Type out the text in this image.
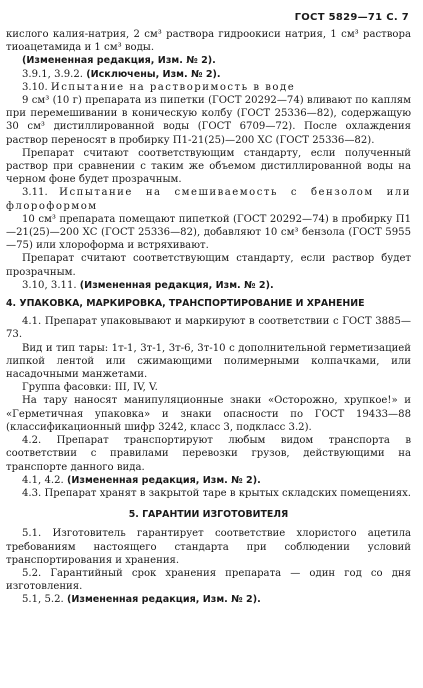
ГОСТ 5829—71 С. 7

кислого калия-натрия, 2 см³ раствора гидроокиси натрия, 1 см³ раствора тиоацетамида и 1 см³ воды.

(Измененная редакция, Изм. № 2).

3.9.1, 3.9.2. (Исключены, Изм. № 2).

3.10. Испытание на растворимость в воде

9 см³ (10 г) препарата из пипетки (ГОСТ 20292—74) вливают по каплям при перемешивании в коническую колбу (ГОСТ 25336—82), содержащую 30 см³ дистиллированной воды (ГОСТ 6709—72). После охлаждения раствор переносят в пробирку П1-21(25)—200 ХС (ГОСТ 25336—82).

Препарат считают соответствующим стандарту, если полученный раствор при сравнении с таким же объемом дистиллированной воды на черном фоне будет прозрачным.

3.11. Испытание на смешиваемость с бензолом или флороформом

10 см³ препарата помещают пипеткой (ГОСТ 20292—74) в пробирку П1—21(25)—200 ХС (ГОСТ 25336—82), добавляют 10 см³ бензола (ГОСТ 5955—75) или хлороформа и встряхивают.

Препарат считают соответствующим стандарту, если раствор будет прозрачным.

3.10, 3.11. (Измененная редакция, Изм. № 2).

4. УПАКОВКА, МАРКИРОВКА, ТРАНСПОРТИРОВАНИЕ И ХРАНЕНИЕ

4.1. Препарат упаковывают и маркируют в соответствии с ГОСТ 3885—73.

Вид и тип тары: 1т-1, 3т-1, 3т-6, 3т-10 с дополнительной герметизацией липкой лентой или сжимающими полимерными колпачками, или насадочными манжетами.

Группа фасовки: III, IV, V.

На тару наносят манипуляционные знаки «Осторожно, хрупкое!» и «Герметичная упаковка» и знаки опасности по ГОСТ 19433—88 (классификационный шифр 3242, класс 3, подкласс 3.2).

4.2. Препарат транспортируют любым видом транспорта в соответствии с правилами перевозки грузов, действующими на транспорте данного вида.

4.1, 4.2. (Измененная редакция, Изм. № 2).

4.3. Препарат хранят в закрытой таре в крытых складских помещениях.

5. ГАРАНТИИ ИЗГОТОВИТЕЛЯ

5.1. Изготовитель гарантирует соответствие хлористого ацетила требованиям настоящего стандарта при соблюдении условий транспортирования и хранения.

5.2. Гарантийный срок хранения препарата — один год со дня изготовления.

5.1, 5.2. (Измененная редакция, Изм. № 2).
